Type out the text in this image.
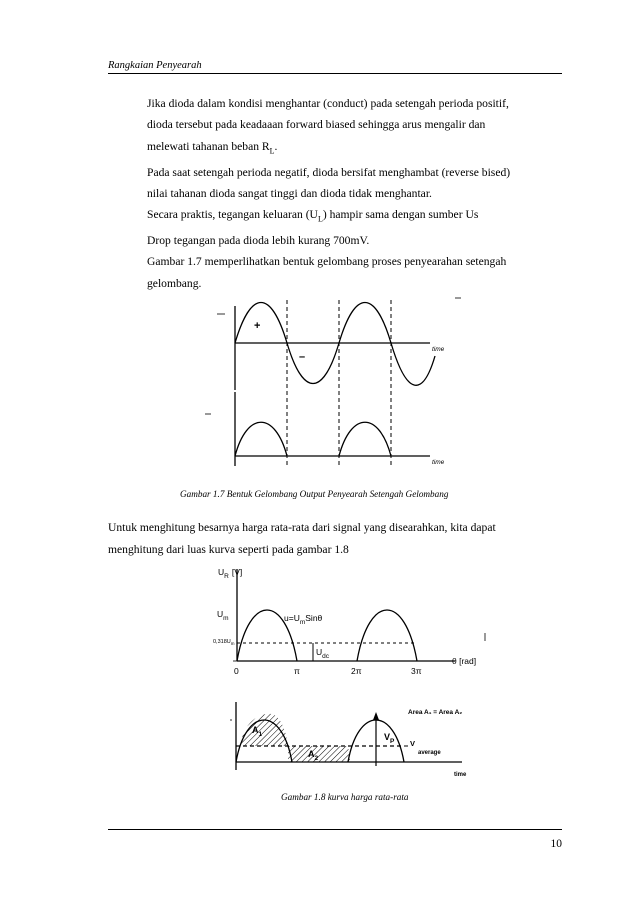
Rangkaian Penyearah

Jika dioda dalam kondisi menghantar (conduct) pada setengah perioda positif,
dioda tersebut pada keadaaan forward biased sehingga arus mengalir dan
melewati tahanan beban $R_L$.
Pada saat setengah perioda negatif, dioda bersifat menghambat (reverse bised)
nilai tahanan dioda sangat tinggi dan dioda tidak menghantar.
Secara praktis, tegangan keluaran $(U_L)$ hampir sama dengan sumber Us
Drop tegangan pada dioda lebih kurang 700mV.
Gambar 1.7 memperlihatkan bentuk gelombang proses penyearahan setengah
gelombang.

+
–
time
time
Gambar 1.7 Bentuk Gelombang Output Penyearah Setengah Gelombang

Untuk menghitung besarnya harga rata-rata dari signal yang disearahkan, kita dapat
menghitung dari luas kurva seperti pada gambar 1.8

$U_R$ [V]
$U_m$
$0,318U_m$
$u=U_mSin\theta$
$U_{dc}$
0	π	2π	3π
θ [rad]
$A_1$
$A_2$
$V_P$
Area A₁ = Area A₂
V
average
time
Gambar 1.8 kurva harga rata-rata
10
